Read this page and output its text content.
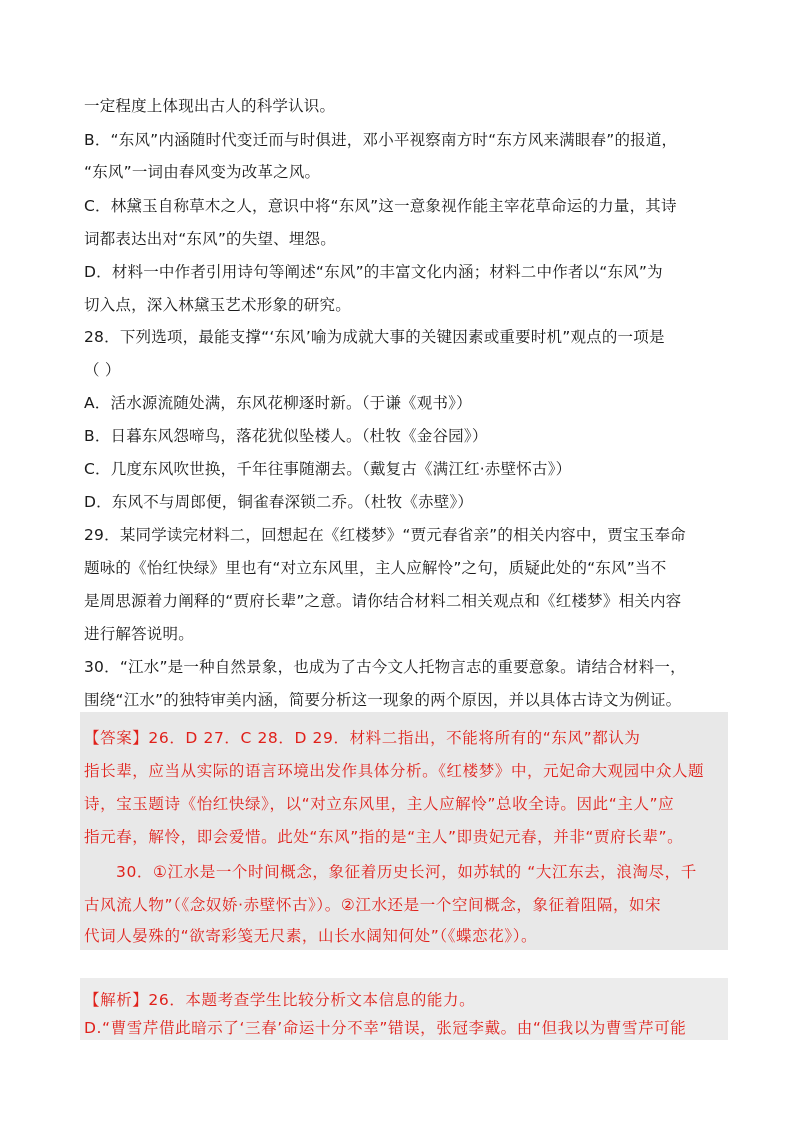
一定程度上体现出古人的科学认识。
B．“东风”内涵随时代变迁而与时俱进，邓小平视察南方时“东方风来满眼春”的报道，
“东风”一词由春风变为改革之风。
C．林黛玉自称草木之人，意识中将“东风”这一意象视作能主宰花草命运的力量，其诗
词都表达出对“东风”的失望、埋怨。
D．材料一中作者引用诗句等阐述“东风”的丰富文化内涵；材料二中作者以“东风”为
切入点，深入林黛玉艺术形象的研究。
28．下列选项，最能支撑“‘东风’喻为成就大事的关键因素或重要时机”观点的一项是
（ ）
A．活水源流随处满，东风花柳逐时新。（于谦《观书》）
B．日暮东风怨啼鸟，落花犹似坠楼人。（杜牧《金谷园》）
C．几度东风吹世换，千年往事随潮去。（戴复古《满江红·赤壁怀古》）
D．东风不与周郎便，铜雀春深锁二乔。（杜牧《赤壁》）
29．某同学读完材料二，回想起在《红楼梦》“贾元春省亲”的相关内容中，贾宝玉奉命
题咏的《怡红快绿》里也有“对立东风里，主人应解怜”之句，质疑此处的“东风”当不
是周思源着力阐释的“贾府长辈”之意。请你结合材料二相关观点和《红楼梦》相关内容
进行解答说明。
30．“江水”是一种自然景象，也成为了古今文人托物言志的重要意象。请结合材料一，
围绕“江水”的独特审美内涵，简要分析这一现象的两个原因，并以具体古诗文为例证。
【答案】26．D 27．C 28．D 29．材料二指出，不能将所有的“东风”都认为
指长辈，应当从实际的语言环境出发作具体分析。《红楼梦》中，元妃命大观园中众人题
诗，宝玉题诗《怡红快绿》，以“对立东风里，主人应解怜”总收全诗。因此“主人”应
指元春，解怜，即会爱惜。此处“东风”指的是“主人”即贵妃元春，并非“贾府长辈”。
30．①江水是一个时间概念，象征着历史长河，如苏轼的 “大江东去，浪淘尽，千
古风流人物”（《念奴娇·赤壁怀古》）。②江水还是一个空间概念，象征着阻隔，如宋
代词人晏殊的“欲寄彩笺无尺素，山长水阔知何处”（《蝶恋花》）。
【解析】26．本题考查学生比较分析文本信息的能力。
D.“曹雪芹借此暗示了‘三春’命运十分不幸”错误，张冠李戴。由“但我以为曹雪芹可能
